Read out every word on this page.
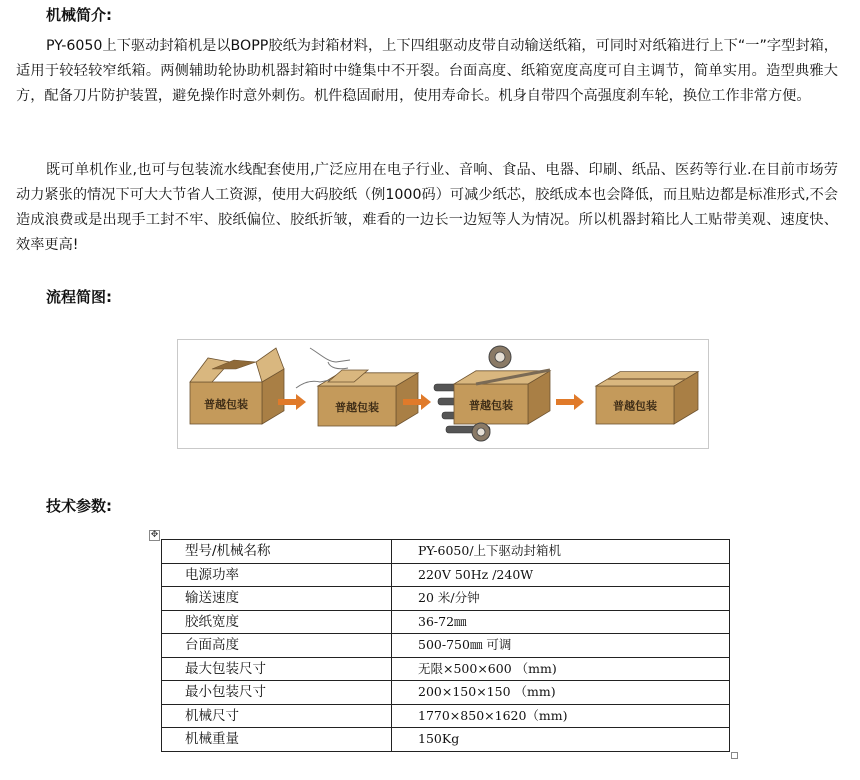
机械简介:

PY-6050上下驱动封箱机是以BOPP胶纸为封箱材料，上下四组驱动皮带自动输送纸箱，可同时对纸箱进行上下“一”字型封箱，适用于较轻较窄纸箱。两侧辅助轮协助机器封箱时中缝集中不开裂。台面高度、纸箱宽度高度可自主调节，简单实用。造型典雅大方，配备刀片防护装置，避免操作时意外刺伤。机件稳固耐用，使用寿命长。机身自带四个高强度刹车轮，换位工作非常方便。

既可单机作业,也可与包装流水线配套使用,广泛应用在电子行业、音响、食品、电器、印刷、纸品、医药等行业.在目前市场劳动力紧张的情况下可大大节省人工资源，使用大码胶纸（例1000码）可减少纸芯，胶纸成本也会降低，而且贴边都是标准形式,不会造成浪费或是出现手工封不牢、胶纸偏位、胶纸折皱，难看的一边长一边短等人为情况。所以机器封箱比人工贴带美观、速度快、效率更高!

流程简图:
普越包装	普越包装	普越包装	普越包装
技术参数:
✥
型号/机械名称	PY-6050/上下驱动封箱机
电源功率	220V 50Hz /240W
输送速度	20 米/分钟
胶纸宽度	36-72㎜
台面高度	500-750㎜ 可调
最大包装尺寸	无限×500×600 （mm)
最小包装尺寸	200×150×150 （mm)
机械尺寸	1770×850×1620（mm)
机械重量	150Kg
